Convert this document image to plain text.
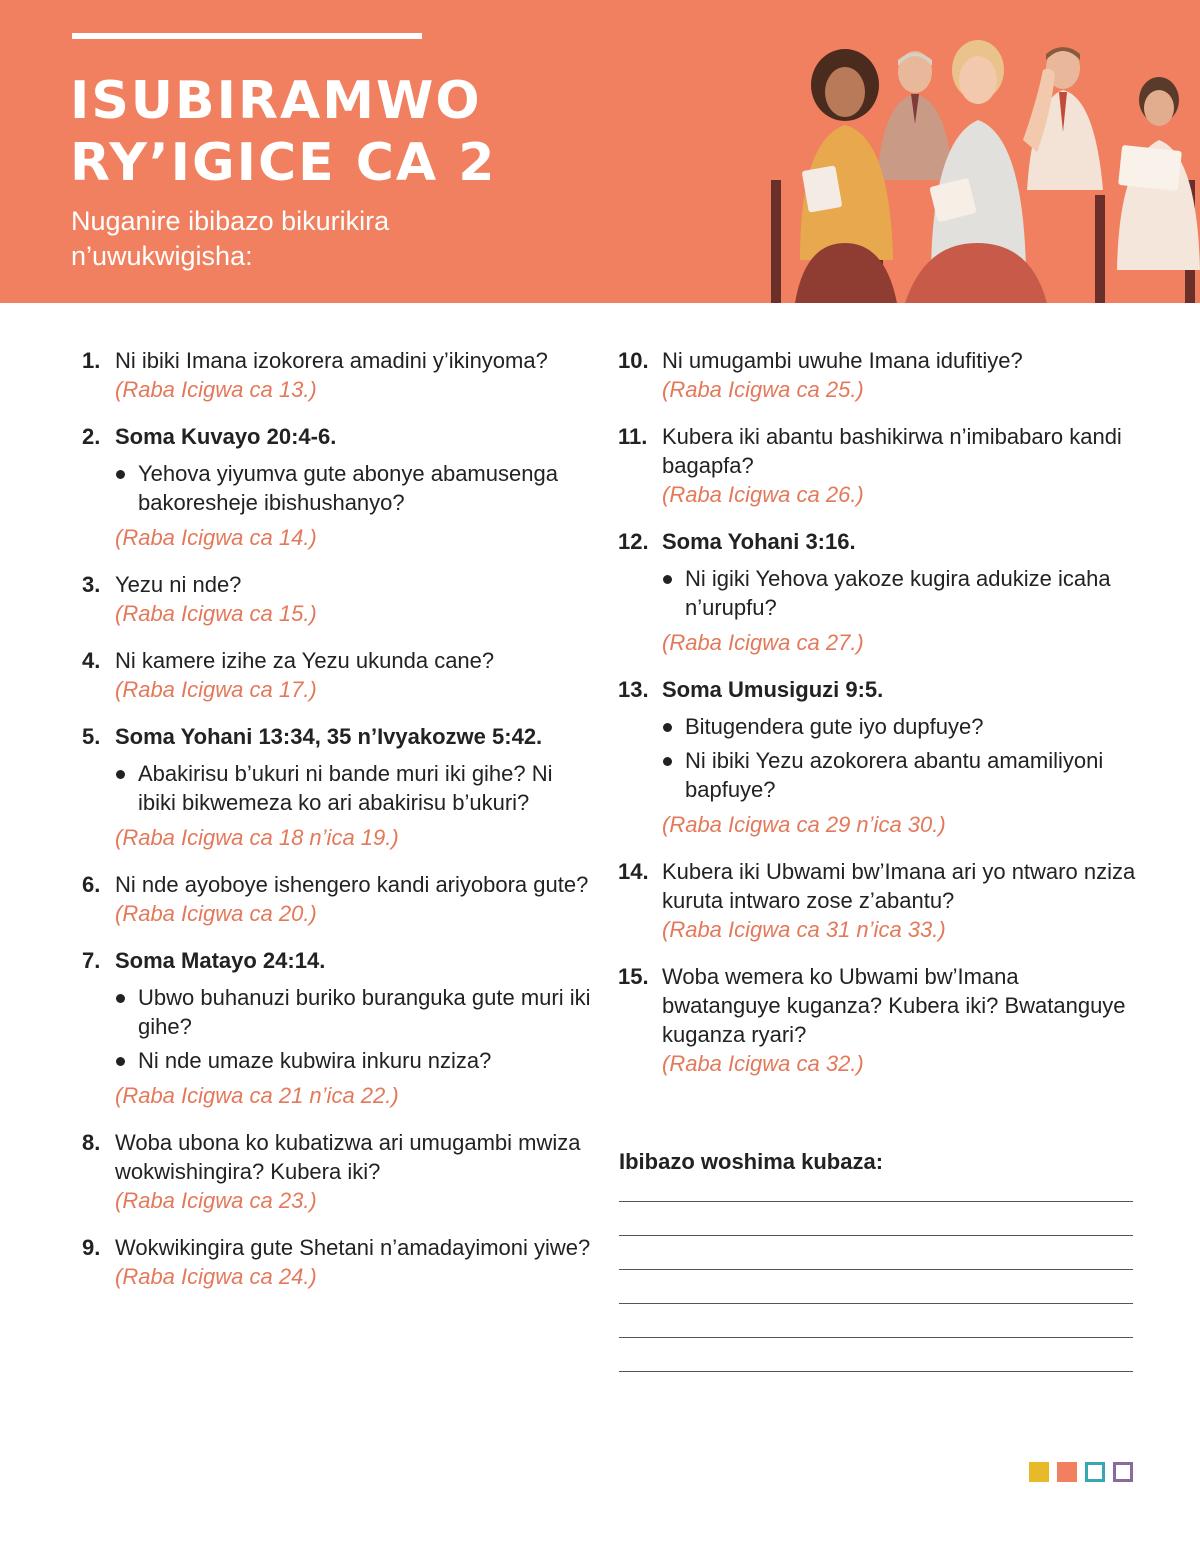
ISUBIRAMWO
RY’IGICE CA 2
Nuganire ibibazo bikurikira n’uwukwigisha:
1. Ni ibiki Imana izokorera amadini y’ikinyoma?
(Raba Icigwa ca 13.)
2. Soma Kuvayo 20:4-6.
Yehova yiyumva gute abonye abamusenga bakoresheje ibishushanyo?
(Raba Icigwa ca 14.)
3. Yezu ni nde?
(Raba Icigwa ca 15.)
4. Ni kamere izihe za Yezu ukunda cane?
(Raba Icigwa ca 17.)
5. Soma Yohani 13:34, 35 n’Ivyakozwe 5:42.
Abakirisu b’ukuri ni bande muri iki gihe? Ni ibiki bikwemeza ko ari abakirisu b’ukuri?
(Raba Icigwa ca 18 n’ica 19.)
6. Ni nde ayoboye ishengero kandi ariyobora gute?
(Raba Icigwa ca 20.)
7. Soma Matayo 24:14.
Ubwo buhanuzi buriko buranguka gute muri iki gihe?
Ni nde umaze kubwira inkuru nziza?
(Raba Icigwa ca 21 n’ica 22.)
8. Woba ubona ko kubatizwa ari umugambi mwiza wokwishingira? Kubera iki?
(Raba Icigwa ca 23.)
9. Wokwikingira gute Shetani n’amadayimoni yiwe?
(Raba Icigwa ca 24.)
10. Ni umugambi uwuhe Imana idufitiye?
(Raba Icigwa ca 25.)
11. Kubera iki abantu bashikirwa n’imibabaro kandi bagapfa?
(Raba Icigwa ca 26.)
12. Soma Yohani 3:16.
Ni igiki Yehova yakoze kugira adukize icaha n’urupfu?
(Raba Icigwa ca 27.)
13. Soma Umusiguzi 9:5.
Bitugendera gute iyo dupfuye?
Ni ibiki Yezu azokorera abantu amamiliyoni bapfuye?
(Raba Icigwa ca 29 n’ica 30.)
14. Kubera iki Ubwami bw’Imana ari yo ntwaro nziza kuruta intwaro zose z’abantu?
(Raba Icigwa ca 31 n’ica 33.)
15. Woba wemera ko Ubwami bw’Imana bwatanguye kuganza? Kubera iki? Bwatanguye kuganza ryari?
(Raba Icigwa ca 32.)
Ibibazo woshima kubaza:
